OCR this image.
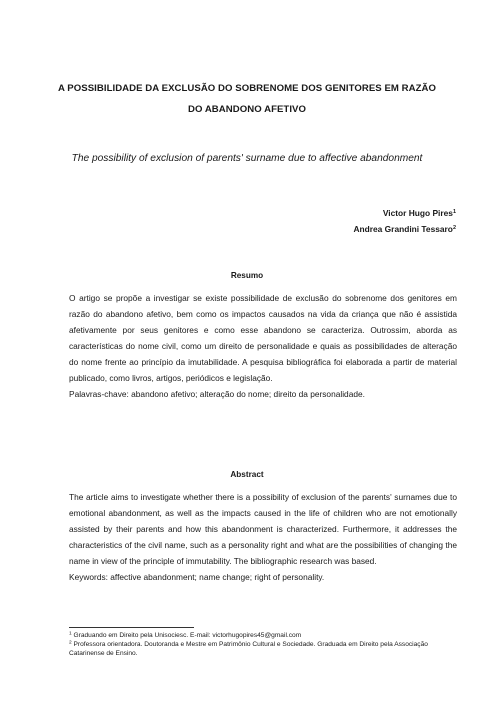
A POSSIBILIDADE DA EXCLUSÃO DO SOBRENOME DOS GENITORES EM RAZÃO
DO ABANDONO AFETIVO
The possibility of exclusion of parents' surname due to affective abandonment
Victor Hugo Pires$^1$
Andrea Grandini Tessaro$^2$
Resumo

O artigo se propõe a investigar se existe possibilidade de exclusão do sobrenome dos genitores em razão do abandono afetivo, bem como os impactos causados na vida da criança que não é assistida afetivamente por seus genitores e como esse abandono se caracteriza. Outrossim, aborda as características do nome civil, como um direito de personalidade e quais as possibilidades de alteração do nome frente ao princípio da imutabilidade. A pesquisa bibliográfica foi elaborada a partir de material publicado, como livros, artigos, periódicos e legislação.

Palavras-chave: abandono afetivo; alteração do nome; direito da personalidade.

Abstract

The article aims to investigate whether there is a possibility of exclusion of the parents' surnames due to emotional abandonment, as well as the impacts caused in the life of children who are not emotionally assisted by their parents and how this abandonment is characterized. Furthermore, it addresses the characteristics of the civil name, such as a personality right and what are the possibilities of changing the name in view of the principle of immutability. The bibliographic research was based.

Keywords: affective abandonment; name change; right of personality.

$^1$ Graduando em Direito pela Unisociesc. E-mail: victorhugopires45@gmail.com

$^2$ Professora orientadora. Doutoranda e Mestre em Patrimônio Cultural e Sociedade. Graduada em Direito pela Associação Catarinense de Ensino.
